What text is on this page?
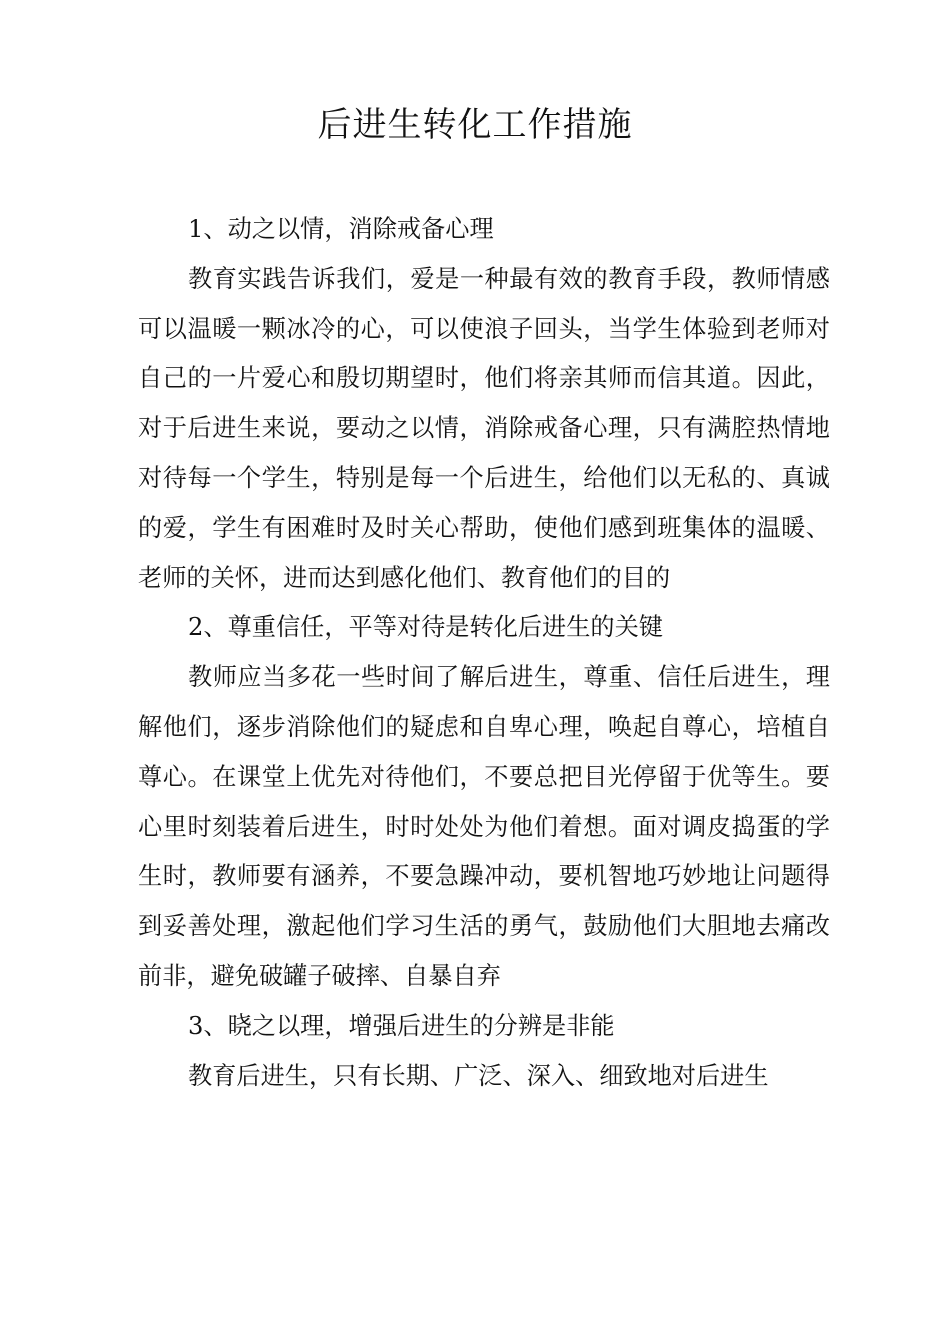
后进生转化工作措施

1、动之以情，消除戒备心理

教育实践告诉我们，爱是一种最有效的教育手段，教师情感可以温暖一颗冰冷的心，可以使浪子回头，当学生体验到老师对自己的一片爱心和殷切期望时，他们将亲其师而信其道。因此，对于后进生来说，要动之以情，消除戒备心理，只有满腔热情地对待每一个学生，特别是每一个后进生，给他们以无私的、真诚的爱，学生有困难时及时关心帮助，使他们感到班集体的温暖、老师的关怀，进而达到感化他们、教育他们的目的

2、尊重信任，平等对待是转化后进生的关键

教师应当多花一些时间了解后进生，尊重、信任后进生，理解他们，逐步消除他们的疑虑和自卑心理，唤起自尊心，培植自尊心。在课堂上优先对待他们，不要总把目光停留于优等生。要心里时刻装着后进生，时时处处为他们着想。面对调皮捣蛋的学生时，教师要有涵养，不要急躁冲动，要机智地巧妙地让问题得到妥善处理，激起他们学习生活的勇气，鼓励他们大胆地去痛改前非，避免破罐子破摔、自暴自弃

3、晓之以理，增强后进生的分辨是非能

教育后进生，只有长期、广泛、深入、细致地对后进生
